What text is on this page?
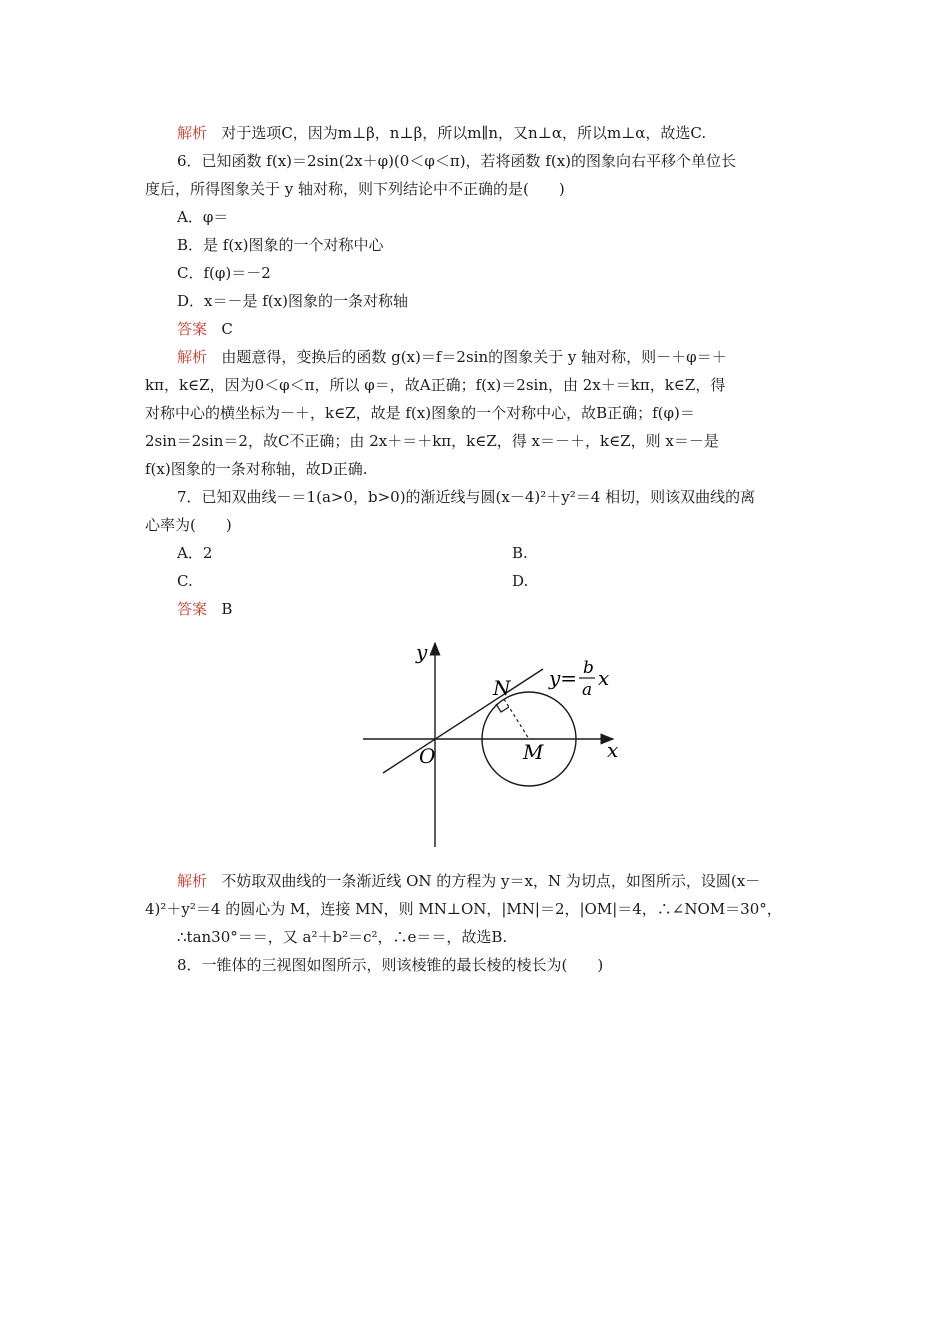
解析 对于选项C，因为m⊥β，n⊥β，所以m∥n，又n⊥α，所以m⊥α，故选C.
6．已知函数 f(x)＝2sin(2x＋φ)(0＜φ＜π)，若将函数 f(x)的图象向右平移个单位长
度后，所得图象关于 y 轴对称，则下列结论中不正确的是(　　)
A．φ＝
B．是 f(x)图象的一个对称中心
C．f(φ)＝－2
D．x＝－是 f(x)图象的一条对称轴
答案 C
解析 由题意得，变换后的函数 g(x)＝f＝2sin的图象关于 y 轴对称，则－＋φ＝＋
kπ，k∈Z，因为0＜φ＜π，所以 φ＝，故A正确；f(x)＝2sin，由 2x＋＝kπ，k∈Z，得
对称中心的横坐标为－＋，k∈Z，故是 f(x)图象的一个对称中心，故B正确；f(φ)＝
2sin＝2sin＝2，故C不正确；由 2x＋＝＋kπ，k∈Z，得 x＝－＋，k∈Z，则 x＝－是
f(x)图象的一条对称轴，故D正确.
7．已知双曲线－＝1(a>0，b>0)的渐近线与圆(x－4)²＋y²＝4 相切，则该双曲线的离
心率为(　　)
A．2	B.
C.	D.
答案 B
y
x
O
N
M
y= b
a x
解析 不妨取双曲线的一条渐近线 ON 的方程为 y＝x，N 为切点，如图所示，设圆(x－
4)²＋y²＝4 的圆心为 M，连接 MN，则 MN⊥ON，|MN|＝2，|OM|＝4，∴∠NOM＝30°，
∴tan30°＝＝，又 a²＋b²＝c²，∴e＝＝，故选B.
8．一锥体的三视图如图所示，则该棱锥的最长棱的棱长为(　　)
